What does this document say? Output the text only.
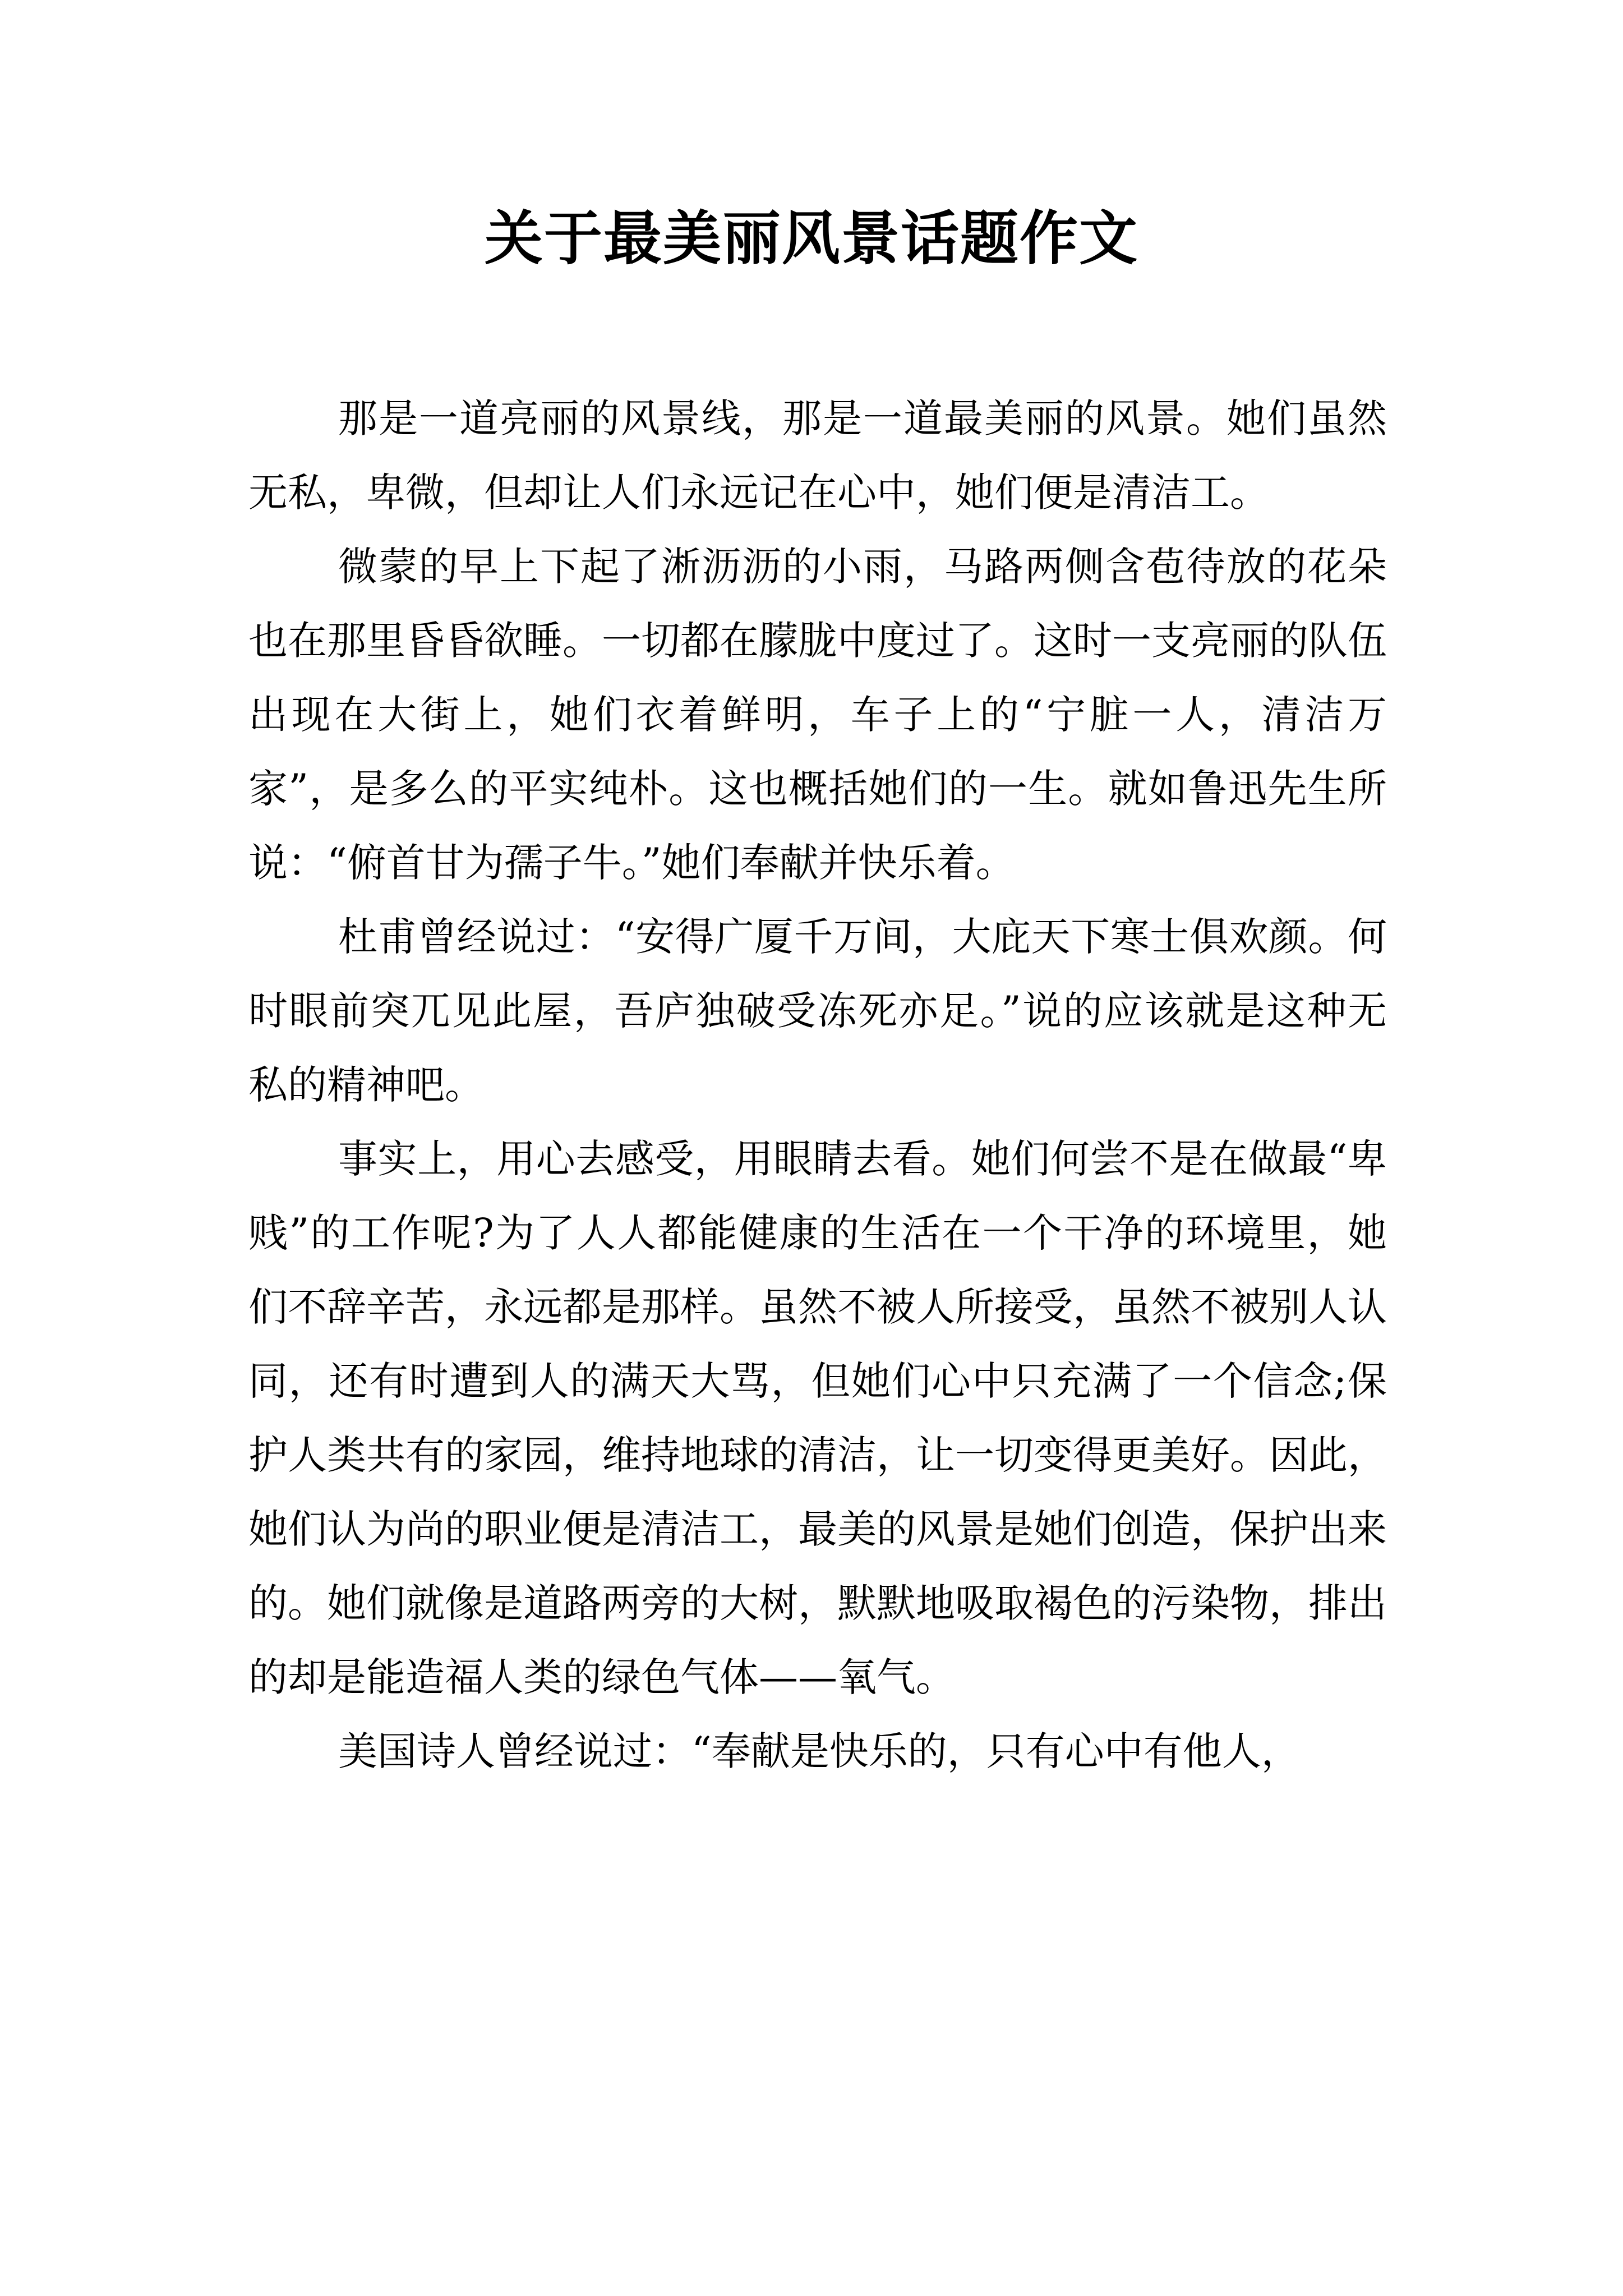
关于最美丽风景话题作文

那是一道亮丽的风景线，那是一道最美丽的风景。她们虽然无私，卑微，但却让人们永远记在心中，她们便是清洁工。

微蒙的早上下起了淅沥沥的小雨，马路两侧含苞待放的花朵也在那里昏昏欲睡。一切都在朦胧中度过了。这时一支亮丽的队伍出现在大街上，她们衣着鲜明，车子上的“宁脏一人，清洁万家”，是多么的平实纯朴。这也概括她们的一生。就如鲁迅先生所说：“俯首甘为孺子牛。”她们奉献并快乐着。

杜甫曾经说过：“安得广厦千万间，大庇天下寒士俱欢颜。何时眼前突兀见此屋，吾庐独破受冻死亦足。”说的应该就是这种无私的精神吧。

事实上，用心去感受，用眼睛去看。她们何尝不是在做最“卑贱”的工作呢?为了人人都能健康的生活在一个干净的环境里，她们不辞辛苦，永远都是那样。虽然不被人所接受，虽然不被别人认同，还有时遭到人的满天大骂，但她们心中只充满了一个信念;保护人类共有的家园，维持地球的清洁，让一切变得更美好。因此，她们认为尚的职业便是清洁工，最美的风景是她们创造，保护出来的。她们就像是道路两旁的大树，默默地吸取褐色的污染物，排出的却是能造福人类的绿色气体——氧气。

美国诗人曾经说过：“奉献是快乐的，只有心中有他人，
